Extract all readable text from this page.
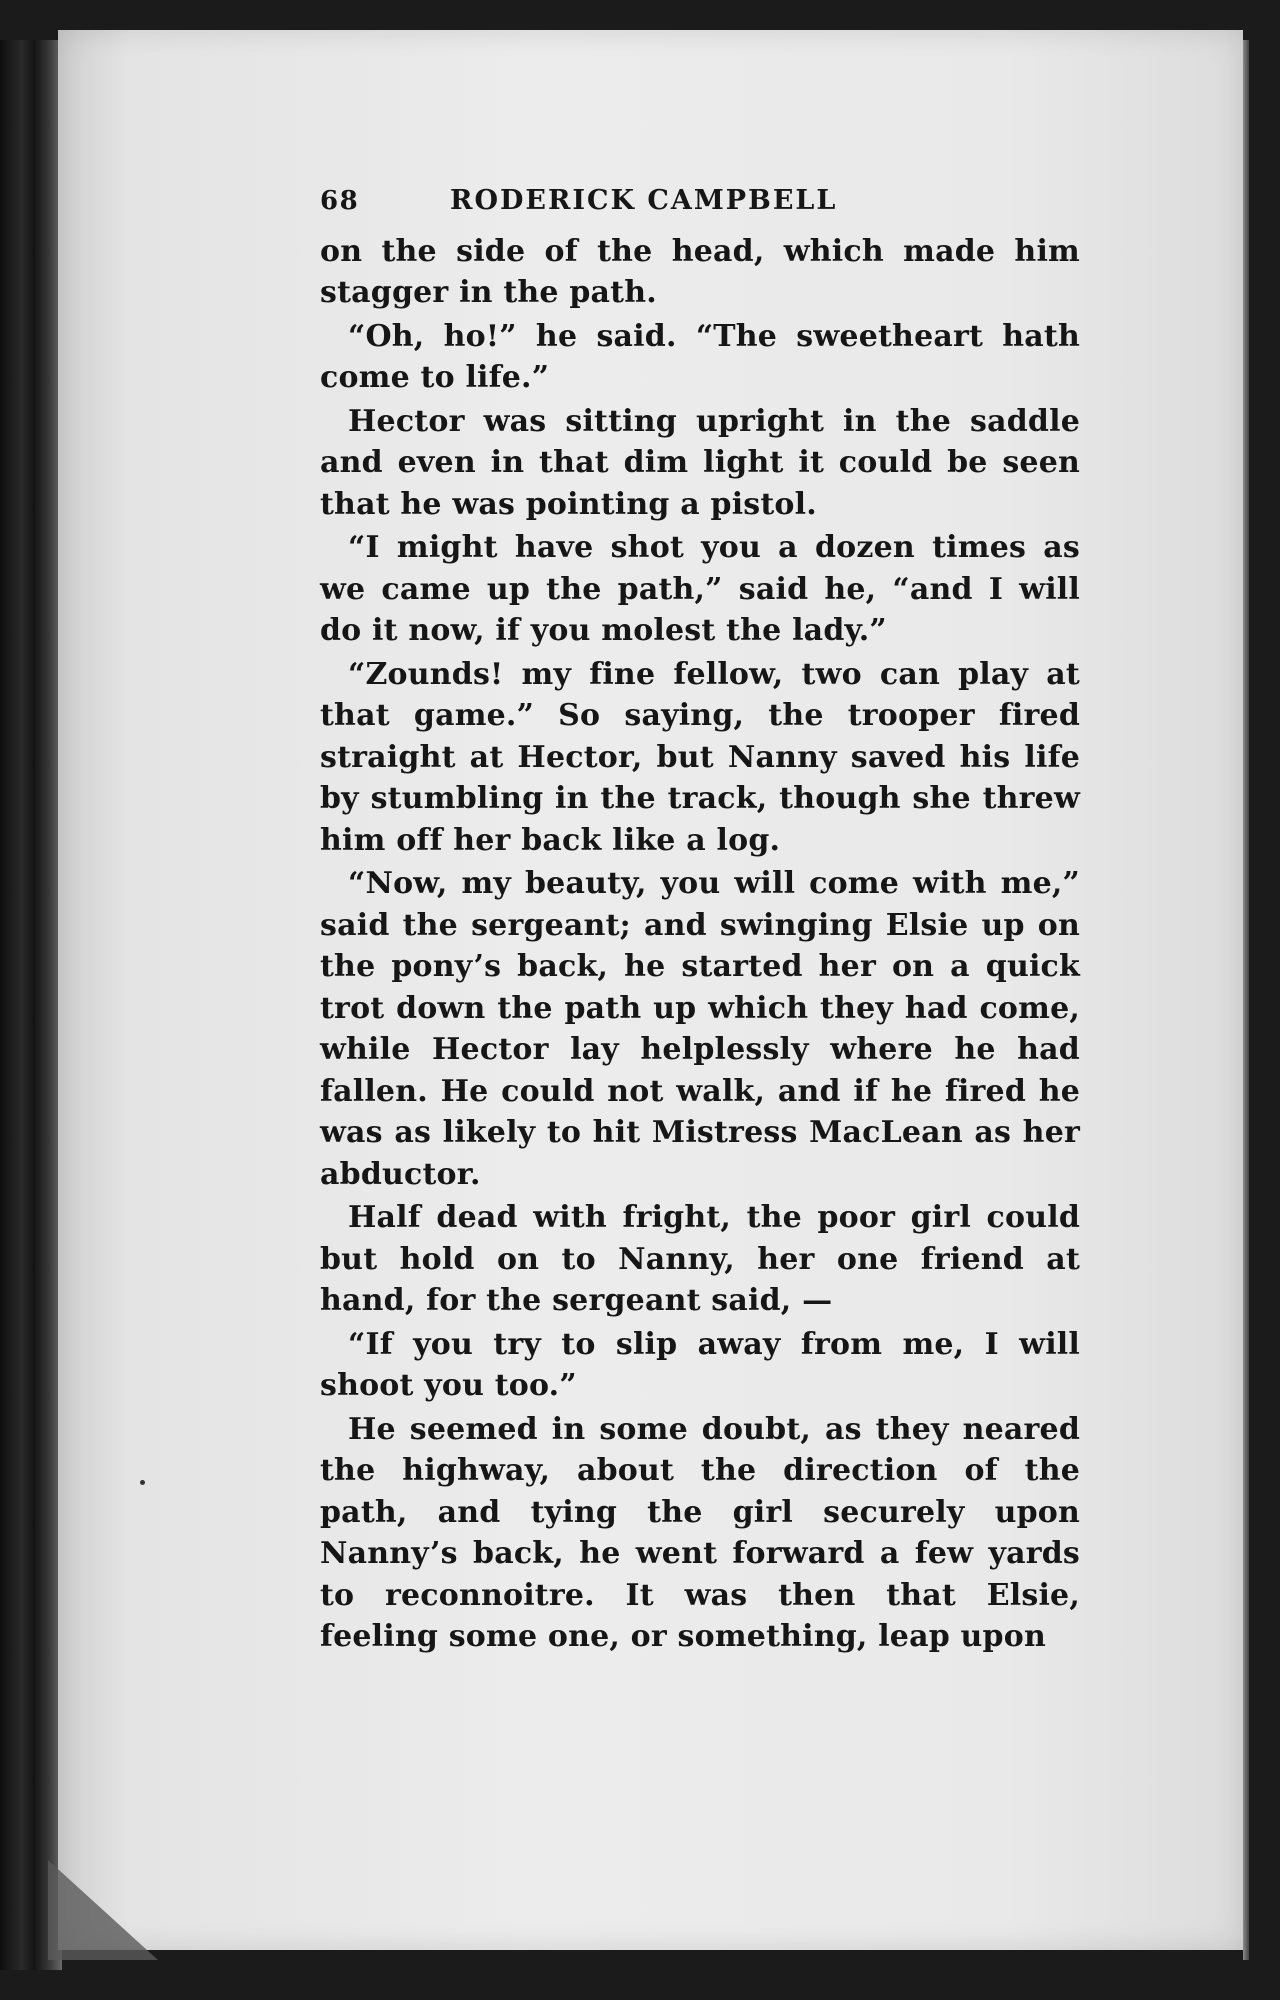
68	RODERICK CAMPBELL

on the side of the head, which made him stagger in the path.

“Oh, ho!” he said. “The sweetheart hath come to life.”

Hector was sitting upright in the saddle and even in that dim light it could be seen that he was pointing a pistol.

“I might have shot you a dozen times as we came up the path,” said he, “and I will do it now, if you molest the lady.”

“Zounds! my fine fellow, two can play at that game.” So saying, the trooper fired straight at Hector, but Nanny saved his life by stumbling in the track, though she threw him off her back like a log.

“Now, my beauty, you will come with me,” said the sergeant; and swinging Elsie up on the pony’s back, he started her on a quick trot down the path up which they had come, while Hector lay helplessly where he had fallen. He could not walk, and if he fired he was as likely to hit Mistress MacLean as her abductor.

Half dead with fright, the poor girl could but hold on to Nanny, her one friend at hand, for the sergeant said, —

“If you try to slip away from me, I will shoot you too.”

He seemed in some doubt, as they neared the highway, about the direction of the path, and tying the girl securely upon Nanny’s back, he went forward a few yards to reconnoitre. It was then that Elsie, feeling some one, or something, leap upon
